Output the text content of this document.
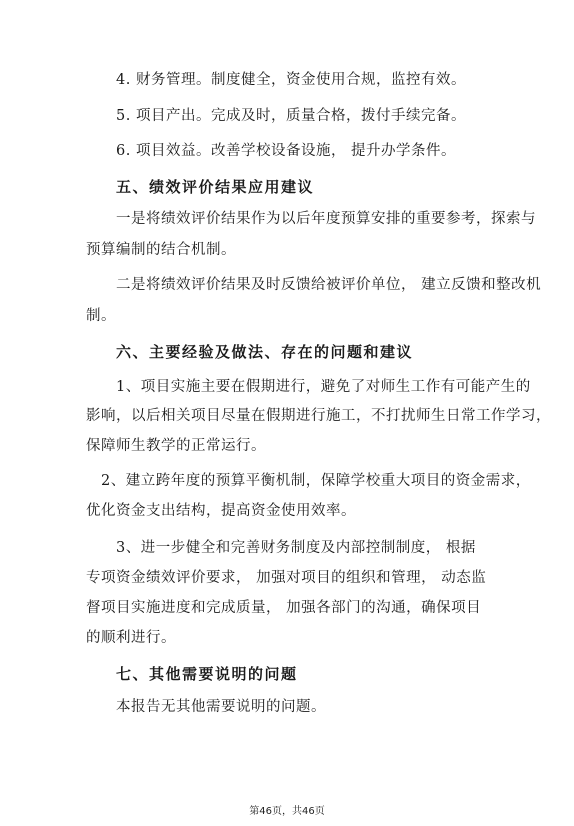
4. 财务管理。制度健全，资金使用合规，监控有效。
5. 项目产出。完成及时，质量合格，拨付手续完备。
6. 项目效益。改善学校设备设施， 提升办学条件。
五、绩效评价结果应用建议
一是将绩效评价结果作为以后年度预算安排的重要参考，探索与
预算编制的结合机制。
二是将绩效评价结果及时反馈给被评价单位， 建立反馈和整改机
制。
六、主要经验及做法、存在的问题和建议
1、项目实施主要在假期进行，避免了对师生工作有可能产生的
影响，以后相关项目尽量在假期进行施工，不打扰师生日常工作学习，
保障师生教学的正常运行。
2、建立跨年度的预算平衡机制，保障学校重大项目的资金需求，
优化资金支出结构，提高资金使用效率。
3、进一步健全和完善财务制度及内部控制制度， 根据
专项资金绩效评价要求， 加强对项目的组织和管理， 动态监
督项目实施进度和完成质量， 加强各部门的沟通，确保项目
的顺利进行。
七、其他需要说明的问题
本报告无其他需要说明的问题。
第46页，共46页
